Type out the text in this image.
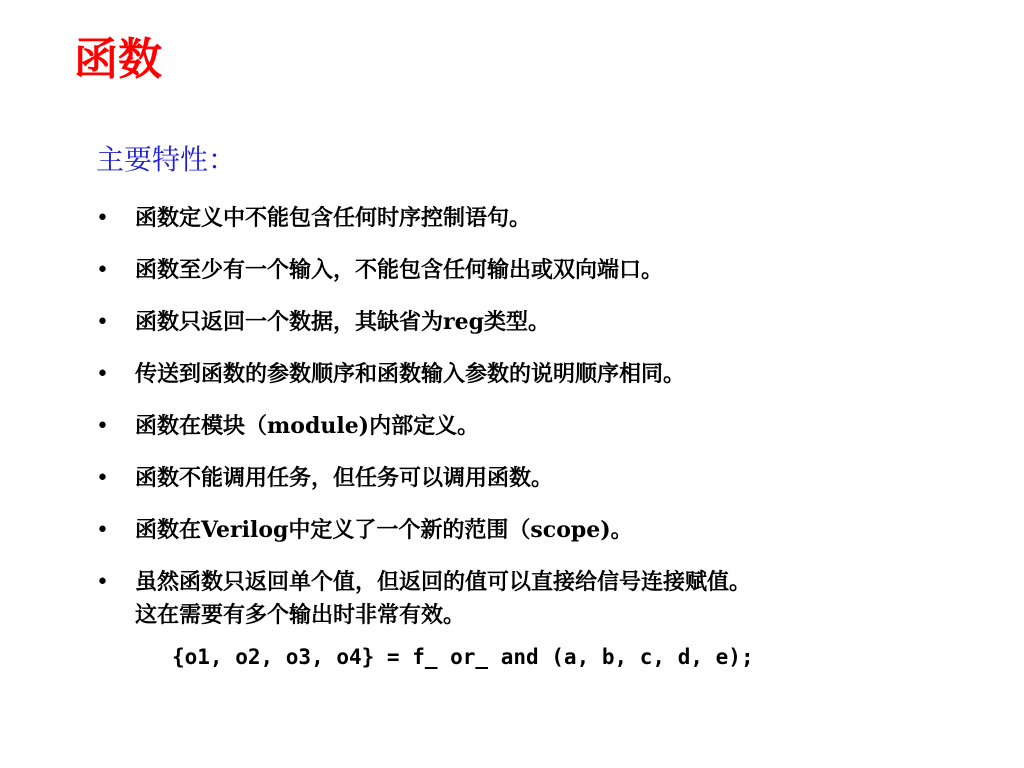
函数
主要特性：
• 函数定义中不能包含任何时序控制语句。
• 函数至少有一个输入，不能包含任何输出或双向端口。
• 函数只返回一个数据，其缺省为reg类型。
• 传送到函数的参数顺序和函数输入参数的说明顺序相同。
• 函数在模块（module)内部定义。
• 函数不能调用任务，但任务可以调用函数。
• 函数在Verilog中定义了一个新的范围（scope)。
• 虽然函数只返回单个值，但返回的值可以直接给信号连接赋值。
这在需要有多个输出时非常有效。
{o1, o2, o3, o4} = f_ or_ and (a, b, c, d, e);
